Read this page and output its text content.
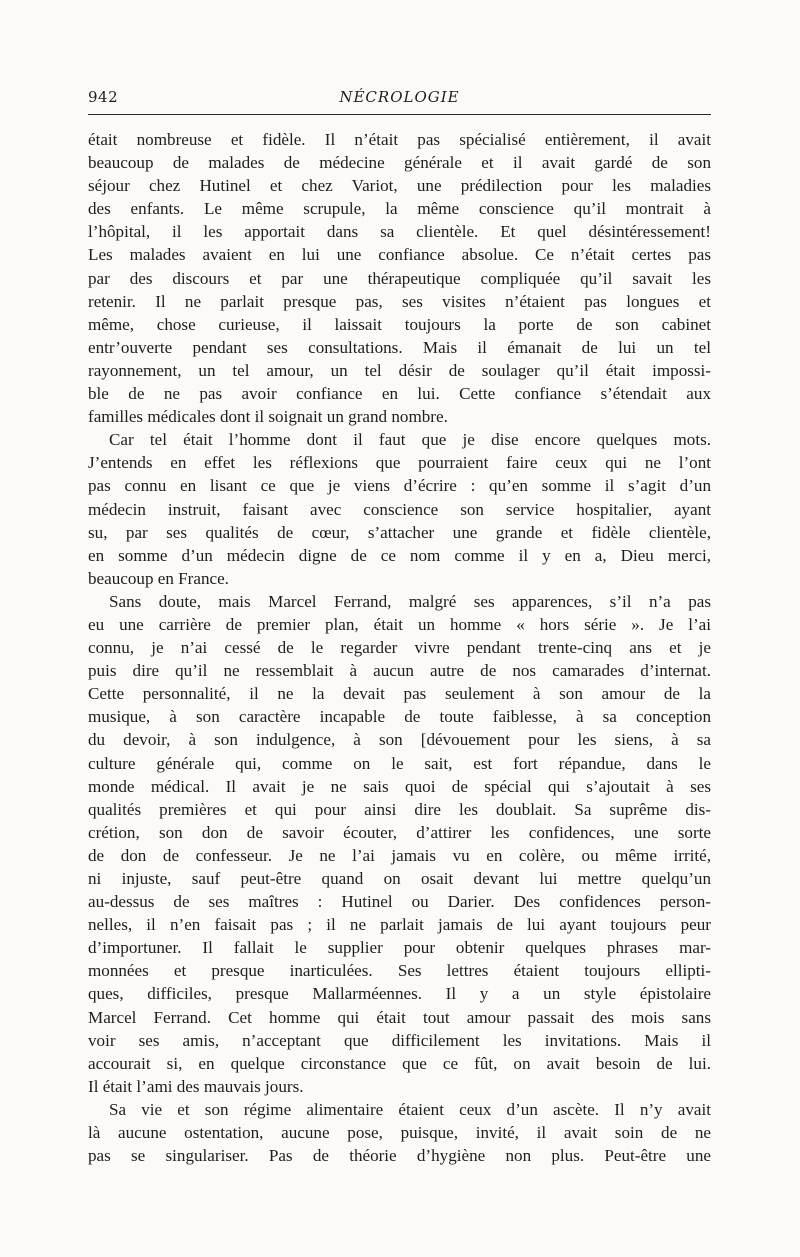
942	NÉCROLOGIE
était nombreuse et fidèle. Il n’était pas spécialisé entièrement, il avait
beaucoup de malades de médecine générale et il avait gardé de son
séjour chez Hutinel et chez Variot, une prédilection pour les maladies
des enfants. Le même scrupule, la même conscience qu’il montrait à
l’hôpital, il les apportait dans sa clientèle. Et quel désintéressement!
Les malades avaient en lui une confiance absolue. Ce n’était certes pas
par des discours et par une thérapeutique compliquée qu’il savait les
retenir. Il ne parlait presque pas, ses visites n’étaient pas longues et
même, chose curieuse, il laissait toujours la porte de son cabinet
entr’ouverte pendant ses consultations. Mais il émanait de lui un tel
rayonnement, un tel amour, un tel désir de soulager qu’il était impossi-
ble de ne pas avoir confiance en lui. Cette confiance s’étendait aux
familles médicales dont il soignait un grand nombre.
Car tel était l’homme dont il faut que je dise encore quelques mots.
J’entends en effet les réflexions que pourraient faire ceux qui ne l’ont
pas connu en lisant ce que je viens d’écrire : qu’en somme il s’agit d’un
médecin instruit, faisant avec conscience son service hospitalier, ayant
su, par ses qualités de cœur, s’attacher une grande et fidèle clientèle,
en somme d’un médecin digne de ce nom comme il y en a, Dieu merci,
beaucoup en France.
Sans doute, mais Marcel Ferrand, malgré ses apparences, s’il n’a pas
eu une carrière de premier plan, était un homme « hors série ». Je l’ai
connu, je n’ai cessé de le regarder vivre pendant trente-cinq ans et je
puis dire qu’il ne ressemblait à aucun autre de nos camarades d’internat.
Cette personnalité, il ne la devait pas seulement à son amour de la
musique, à son caractère incapable de toute faiblesse, à sa conception
du devoir, à son indulgence, à son [dévouement pour les siens, à sa
culture générale qui, comme on le sait, est fort répandue, dans le
monde médical. Il avait je ne sais quoi de spécial qui s’ajoutait à ses
qualités premières et qui pour ainsi dire les doublait. Sa suprême dis-
crétion, son don de savoir écouter, d’attirer les confidences, une sorte
de don de confesseur. Je ne l’ai jamais vu en colère, ou même irrité,
ni injuste, sauf peut-être quand on osait devant lui mettre quelqu’un
au-dessus de ses maîtres : Hutinel ou Darier. Des confidences person-
nelles, il n’en faisait pas ; il ne parlait jamais de lui ayant toujours peur
d’importuner. Il fallait le supplier pour obtenir quelques phrases mar-
monnées et presque inarticulées. Ses lettres étaient toujours ellipti-
ques, difficiles, presque Mallarméennes. Il y a un style épistolaire
Marcel Ferrand. Cet homme qui était tout amour passait des mois sans
voir ses amis, n’acceptant que difficilement les invitations. Mais il
accourait si, en quelque circonstance que ce fût, on avait besoin de lui.
Il était l’ami des mauvais jours.
Sa vie et son régime alimentaire étaient ceux d’un ascète. Il n’y avait
là aucune ostentation, aucune pose, puisque, invité, il avait soin de ne
pas se singulariser. Pas de théorie d’hygiène non plus. Peut-être une
